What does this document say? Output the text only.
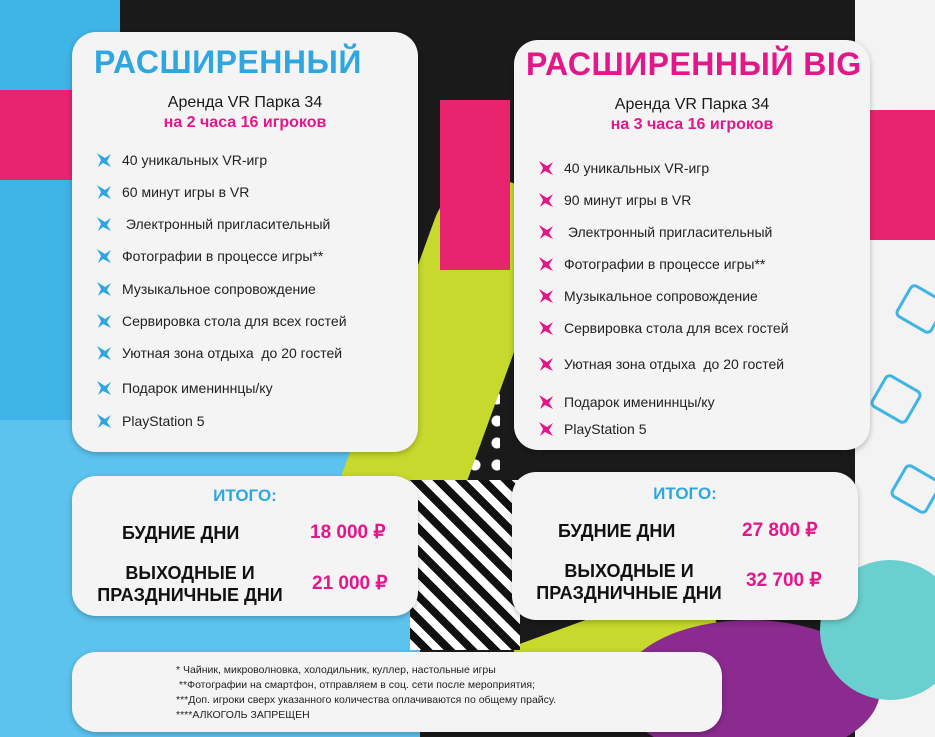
РАСШИРЕННЫЙ
Аренда VR Парка 34
на 2 часа 16 игроков
40 уникальных VR-игр
60 минут игры в VR
Электронный пригласительный
Фотографии в процессе игры**
Музыкальное сопровождение
Сервировка стола для всех гостей
Уютная зона отдыха  до 20 гостей
Подарок имениннцы/ку
PlayStation 5
РАСШИРЕННЫЙ BIG
Аренда VR Парка 34
на 3 часа 16 игроков
40 уникальных VR-игр
90 минут игры в VR
Электронный пригласительный
Фотографии в процессе игры**
Музыкальное сопровождение
Сервировка стола для всех гостей
Уютная зона отдыха  до 20 гостей
Подарок имениннцы/ку
PlayStation 5
ИТОГО:
БУДНИЕ ДНИ	18 000 ₽
ВЫХОДНЫЕ И
ПРАЗДНИЧНЫЕ ДНИ
21 000 ₽
ИТОГО:
БУДНИЕ ДНИ	27 800 ₽
ВЫХОДНЫЕ И
ПРАЗДНИЧНЫЕ ДНИ
32 700 ₽
* Чайник, микроволновка, холодильник, куллер, настольные игры
**Фотографии на смартфон, отправляем в соц. сети после мероприятия;
***Доп. игроки сверх указанного количества оплачиваются по общему прайсу.
****АЛКОГОЛЬ ЗАПРЕЩЕН
